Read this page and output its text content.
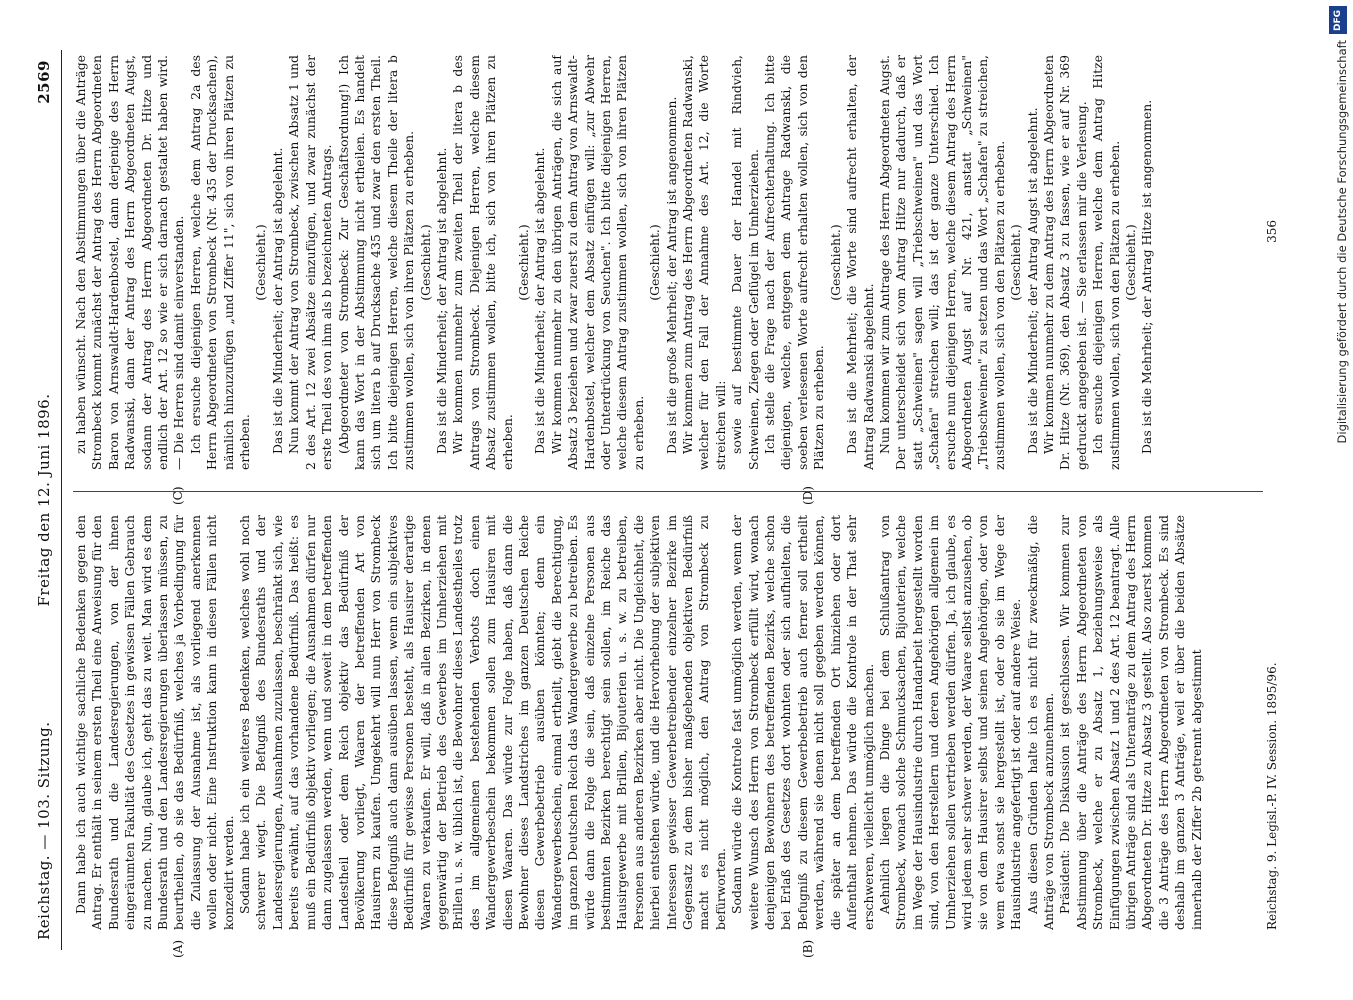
Reichstag. — 103. Sitzung.
Freitag den 12. Juni 1896.
2569
(A)	(B)
(C)	(D)

Dann habe ich auch wichtige sachliche Bedenken gegen den Antrag. Er enthält in seinem ersten Theil eine Anweisung für den Bundesrath und die Landesregierungen, von der ihnen eingeräumten Fakultät des Gesetzes in gewissen Fällen Gebrauch zu machen. Nun, glaube ich, geht das zu weit. Man wird es dem Bundesrath und den Landesregierungen überlassen müssen, zu beurtheilen, ob sie das Bedürfniß, welches ja Vorbedingung für die Zulassung der Ausnahme ist, als vorliegend anerkennen wollen oder nicht. Eine Instruktion kann in diesen Fällen nicht konzedirt werden. Sodann habe ich ein weiteres Bedenken, welches wohl noch schwerer wiegt. Die Befugniß des Bundesraths und der Landesregierungen, Ausnahmen zuzulassen, beschränkt sich, wie bereits erwähnt, auf das vorhandene Bedürfniß. Das heißt: es muß ein Bedürfniß objektiv vorliegen; die Ausnahmen dürfen nur dann zugelassen werden, wenn und soweit in dem betreffenden Landestheil oder dem Reich objektiv das Bedürfniß der Bevölkerung vorliegt, Waaren der betreffenden Art von Hausirern zu kaufen. Umgekehrt will nun Herr von Strombeck diese Befugniß auch dann ausüben lassen, wenn ein subjektives Bedürfniß für gewisse Personen besteht, als Hausirer derartige Waaren zu verkaufen. Er will, daß in allen Bezirken, in denen gegenwärtig der Betrieb des Gewerbes im Umherziehen mit Brillen u. s. w. üblich ist, die Bewohner dieses Landestheiles trotz des im allgemeinen bestehenden Verbots doch einen Wandergewerbeschein bekommen sollen zum Hausiren mit diesen Waaren. Das würde zur Folge haben, daß dann die Bewohner dieses Landstriches im ganzen Deutschen Reiche diesen Gewerbebetrieb ausüben könnten; denn ein Wandergewerbeschein, einmal ertheilt, giebt die Berechtigung, im ganzen Deutschen Reich das Wandergewerbe zu betreiben. Es würde dann die Folge die sein, daß einzelne Personen aus bestimmten Bezirken berechtigt sein sollen, im Reiche das Hausirgewerbe mit Brillen, Bijouterien u. s. w. zu betreiben, Personen aus anderen Bezirken aber nicht. Die Ungleichheit, die hierbei entstehen würde, und die Hervorhebung der subjektiven Interessen gewisser Gewerbetreibender einzelner Bezirke im Gegensatz zu dem bisher maßgebenden objektiven Bedürfniß macht es nicht möglich, den Antrag von Strombeck zu befürworten. Sodann würde die Kontrole fast unmöglich werden, wenn der weitere Wunsch des Herrn von Strombeck erfüllt wird, wonach denjenigen Bewohnern des betreffenden Bezirks, welche schon bei Erlaß des Gesetzes dort wohnten oder sich aufhielten, die Befugniß zu diesem Gewerbebetrieb auch ferner soll ertheilt werden, während sie denen nicht soll gegeben werden können, die später an dem betreffenden Ort hinziehen oder dort Aufenthalt nehmen. Das würde die Kontrole in der That sehr erschweren, vielleicht unmöglich machen. Aehnlich liegen die Dinge bei dem Schlußantrag von Strombeck, wonach solche Schmucksachen, Bijouterien, welche im Wege der Hausindustrie durch Handarbeit hergestellt worden sind, von den Herstellern und deren Angehörigen allgemein im Umherziehen sollen vertrieben werden dürfen. Ja, ich glaube, es wird jedem sehr schwer werden, der Waare selbst anzusehen, ob sie von dem Hausirer selbst und seinen Angehörigen, oder von wem etwa sonst sie hergestellt ist, oder ob sie im Wege der Hausindustrie angefertigt ist oder auf andere Weise. Aus diesen Gründen halte ich es nicht für zweckmäßig, die Anträge von Strombeck anzunehmen. Präsident: Die Diskussion ist geschlossen. Wir kommen zur Abstimmung über die Anträge des Herrn Abgeordneten von Strombeck, welche er zu Absatz 1, beziehungsweise als Einfügungen zwischen Absatz 1 und 2 des Art. 12 beantragt. Alle übrigen Anträge sind als Unteranträge zu dem Antrag des Herrn Abgeordneten Dr. Hitze zu Absatz 3 gestellt. Also zuerst kommen die 3 Anträge des Herrn Abgeordneten von Strombeck. Es sind deshalb im ganzen 3 Anträge, weil er über die beiden Absätze innerhalb der Ziffer 2b getrennt abgestimmt

zu haben wünscht. Nach den Abstimmungen über die Anträge Strombeck kommt zunächst der Antrag des Herrn Abgeordneten Baron von Arnswaldt-Hardenbostel, dann derjenige des Herrn Radwanski, dann der Antrag des Herrn Abgeordneten Augst, sodann der Antrag des Herrn Abgeordneten Dr. Hitze und endlich der Art. 12 so wie er sich darnach gestaltet haben wird. — Die Herren sind damit einverstanden. Ich ersuche diejenigen Herren, welche dem Antrag 2a des Herrn Abgeordneten von Strombeck (Nr. 435 der Drucksachen), nämlich hinzuzufügen „und Ziffer 11", sich von ihren Plätzen zu erheben.

(Geschieht.) Das ist die Minderheit; der Antrag ist abgelehnt. Nun kommt der Antrag von Strombeck, zwischen Absatz 1 und 2 des Art. 12 zwei Absätze einzufügen, und zwar zunächst der erste Theil des von ihm als b bezeichneten Antrags. (Abgeordneter von Strombeck: Zur Geschäftsordnung!) Ich kann das Wort in der Abstimmung nicht ertheilen. Es handelt sich um litera b auf Drucksache 435 und zwar den ersten Theil. Ich bitte diejenigen Herren, welche diesem Theile der litera b zustimmen wollen, sich von ihren Plätzen zu erheben. (Geschieht.) Das ist die Minderheit; der Antrag ist abgelehnt. Wir kommen nunmehr zum zweiten Theil der litera b des Antrags von Strombeck. Diejenigen Herren, welche diesem Absatz zustimmen wollen, bitte ich, sich von ihren Plätzen zu erheben.

(Geschieht.) Das ist die Minderheit; der Antrag ist abgelehnt. Wir kommen nunmehr zu den übrigen Anträgen, die sich auf Absatz 3 beziehen und zwar zuerst zu dem Antrag von Arnswaldt-Hardenbostel, welcher dem Absatz einfügen will: „zur Abwehr oder Unterdrückung von Seuchen". Ich bitte diejenigen Herren, welche diesem Antrag zustimmen wollen, sich von ihren Plätzen zu erheben.

(Geschieht.) Das ist die große Mehrheit; der Antrag ist angenommen. Wir kommen zum Antrag des Herrn Abgeordneten Radwanski, welcher für den Fall der Annahme des Art. 12, die Worte streichen will: sowie auf bestimmte Dauer der Handel mit Rindvieh, Schweinen, Ziegen oder Geflügel im Umherziehen. Ich stelle die Frage nach der Aufrechterhaltung. Ich bitte diejenigen, welche, entgegen dem Antrage Radwanski, die soeben verlesenen Worte aufrecht erhalten wollen, sich von den Plätzen zu erheben.

(Geschieht.) Das ist die Mehrheit; die Worte sind aufrecht erhalten, der Antrag Radwanski abgelehnt. Nun kommen wir zum Antrage des Herrn Abgeordneten Augst. Der unterscheidet sich vom Antrag Hitze nur dadurch, daß er statt „Schweinen" sagen will „Triebschweinen" und das Wort „Schafen" streichen will; das ist der ganze Unterschied. Ich ersuche nun diejenigen Herren, welche diesem Antrag des Herrn Abgeordneten Augst auf Nr. 421, anstatt „Schweinen" „Triebschweinen" zu setzen und das Wort „Schafen" zu streichen, zustimmen wollen, sich von den Plätzen zu erheben. (Geschieht.) Das ist die Minderheit; der Antrag Augst ist abgelehnt. Wir kommen nunmehr zu dem Antrag des Herrn Abgeordneten Dr. Hitze (Nr. 369), den Absatz 3 zu fassen, wie er auf Nr. 369 gedruckt angegeben ist. — Sie erlassen mir die Verlesung. Ich ersuche diejenigen Herren, welche dem Antrag Hitze zustimmen wollen, sich von den Plätzen zu erheben. (Geschieht.) Das ist die Mehrheit; der Antrag Hitze ist angenommen.

Reichstag. 9. Legisl.-P. IV. Session. 1895/96.
356
DFG
Digitalisierung gefördert durch die Deutsche Forschungsgemeinschaft
